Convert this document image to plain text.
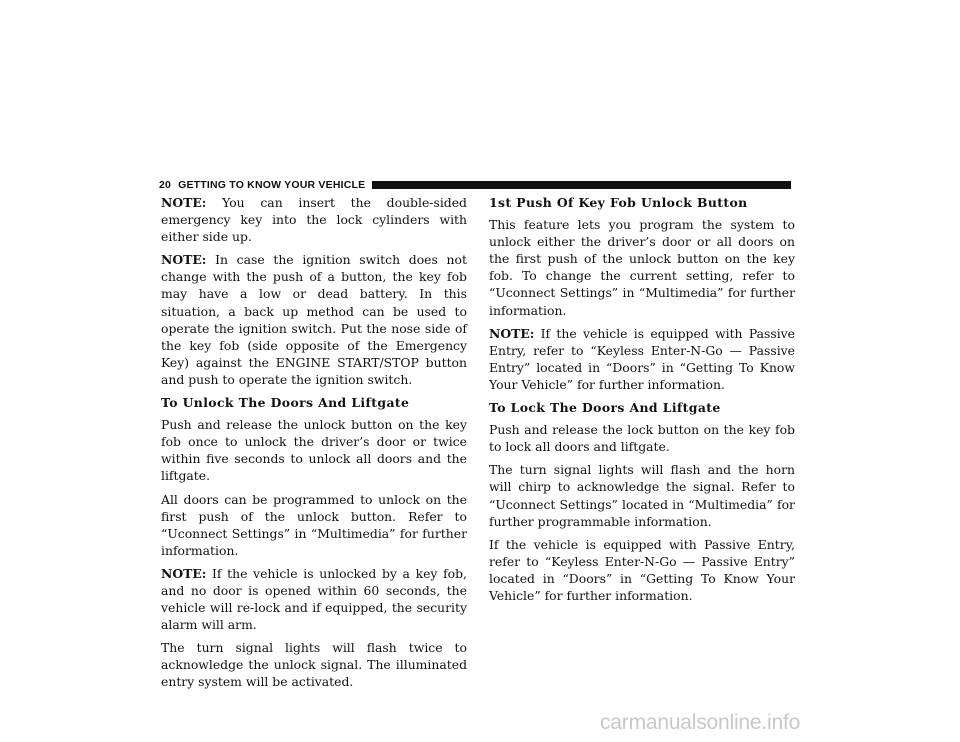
20 GETTING TO KNOW YOUR VEHICLE

NOTE: You can insert the double-sided emergency key into the lock cylinders with either side up.

NOTE: In case the ignition switch does not change with the push of a button, the key fob may have a low or dead battery. In this situation, a back up method can be used to operate the ignition switch. Put the nose side of the key fob (side opposite of the Emergency Key) against the ENGINE START/STOP button and push to operate the ignition switch.

To Unlock The Doors And Liftgate

Push and release the unlock button on the key fob once to unlock the driver’s door or twice within five seconds to unlock all doors and the liftgate.

All doors can be programmed to unlock on the first push of the unlock button. Refer to “Uconnect Settings” in “Multimedia” for further information.

NOTE: If the vehicle is unlocked by a key fob, and no door is opened within 60 seconds, the vehicle will re-lock and if equipped, the security alarm will arm.

The turn signal lights will flash twice to acknowledge the unlock signal. The illuminated entry system will be activated.

1st Push Of Key Fob Unlock Button

This feature lets you program the system to unlock either the driver’s door or all doors on the first push of the unlock button on the key fob. To change the current setting, refer to “Uconnect Settings” in “Multimedia” for further information.

NOTE: If the vehicle is equipped with Passive Entry, refer to “Keyless Enter-N-Go — Passive Entry” located in “Doors” in “Getting To Know Your Vehicle” for further information.

To Lock The Doors And Liftgate

Push and release the lock button on the key fob to lock all doors and liftgate.

The turn signal lights will flash and the horn will chirp to acknowledge the signal. Refer to “Uconnect Settings” located in “Multimedia” for further programmable information.

If the vehicle is equipped with Passive Entry, refer to “Keyless Enter-N-Go — Passive Entry” located in “Doors” in “Getting To Know Your Vehicle” for further information.

carmanualsonline.info
